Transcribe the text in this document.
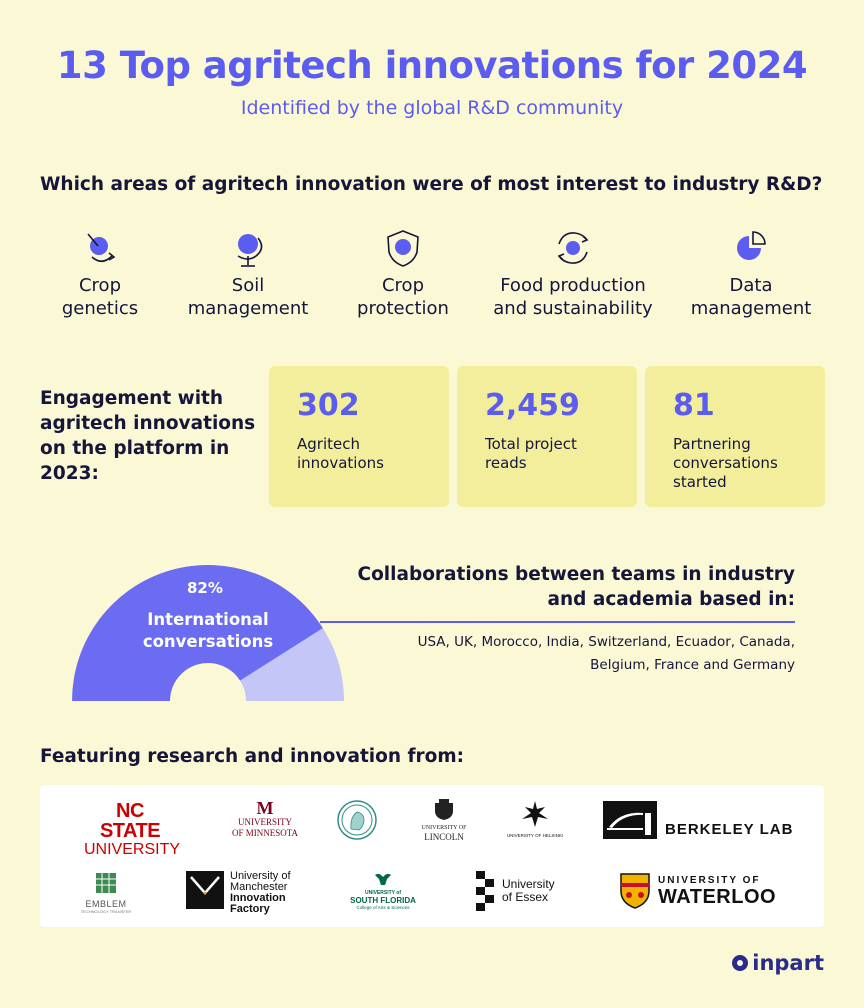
13 Top agritech innovations for 2024
Identified by the global R&D community
Which areas of agritech innovation were of most interest to industry R&D?
Crop
genetics
Soil
management
Crop
protection
Food production
and sustainability
Data
management
Engagement with agritech innovations on the platform in 2023:
302
Agritech innovations
2,459
Total project reads
81
Partnering conversations started
82%
International conversations
Collaborations between teams in industry and academia based in:
USA, UK, Morocco, India, Switzerland, Ecuador, Canada,
Belgium, France and Germany
Featuring research and innovation from:
NC STATE
UNIVERSITY
M
UNIVERSITY
OF MINNESOTA	UNIVERSITY OF
LINCOLN	UNIVERSITY OF HELSINKI	BERKELEY LAB
EMBLEM
TECHNOLOGY TRANSFER
University of
Manchester
Innovation
Factory
UNIVERSITY of
SOUTH FLORIDA
College of Arts & Sciences
University
of Essex
UNIVERSITY OF
WATERLOO
inpart
